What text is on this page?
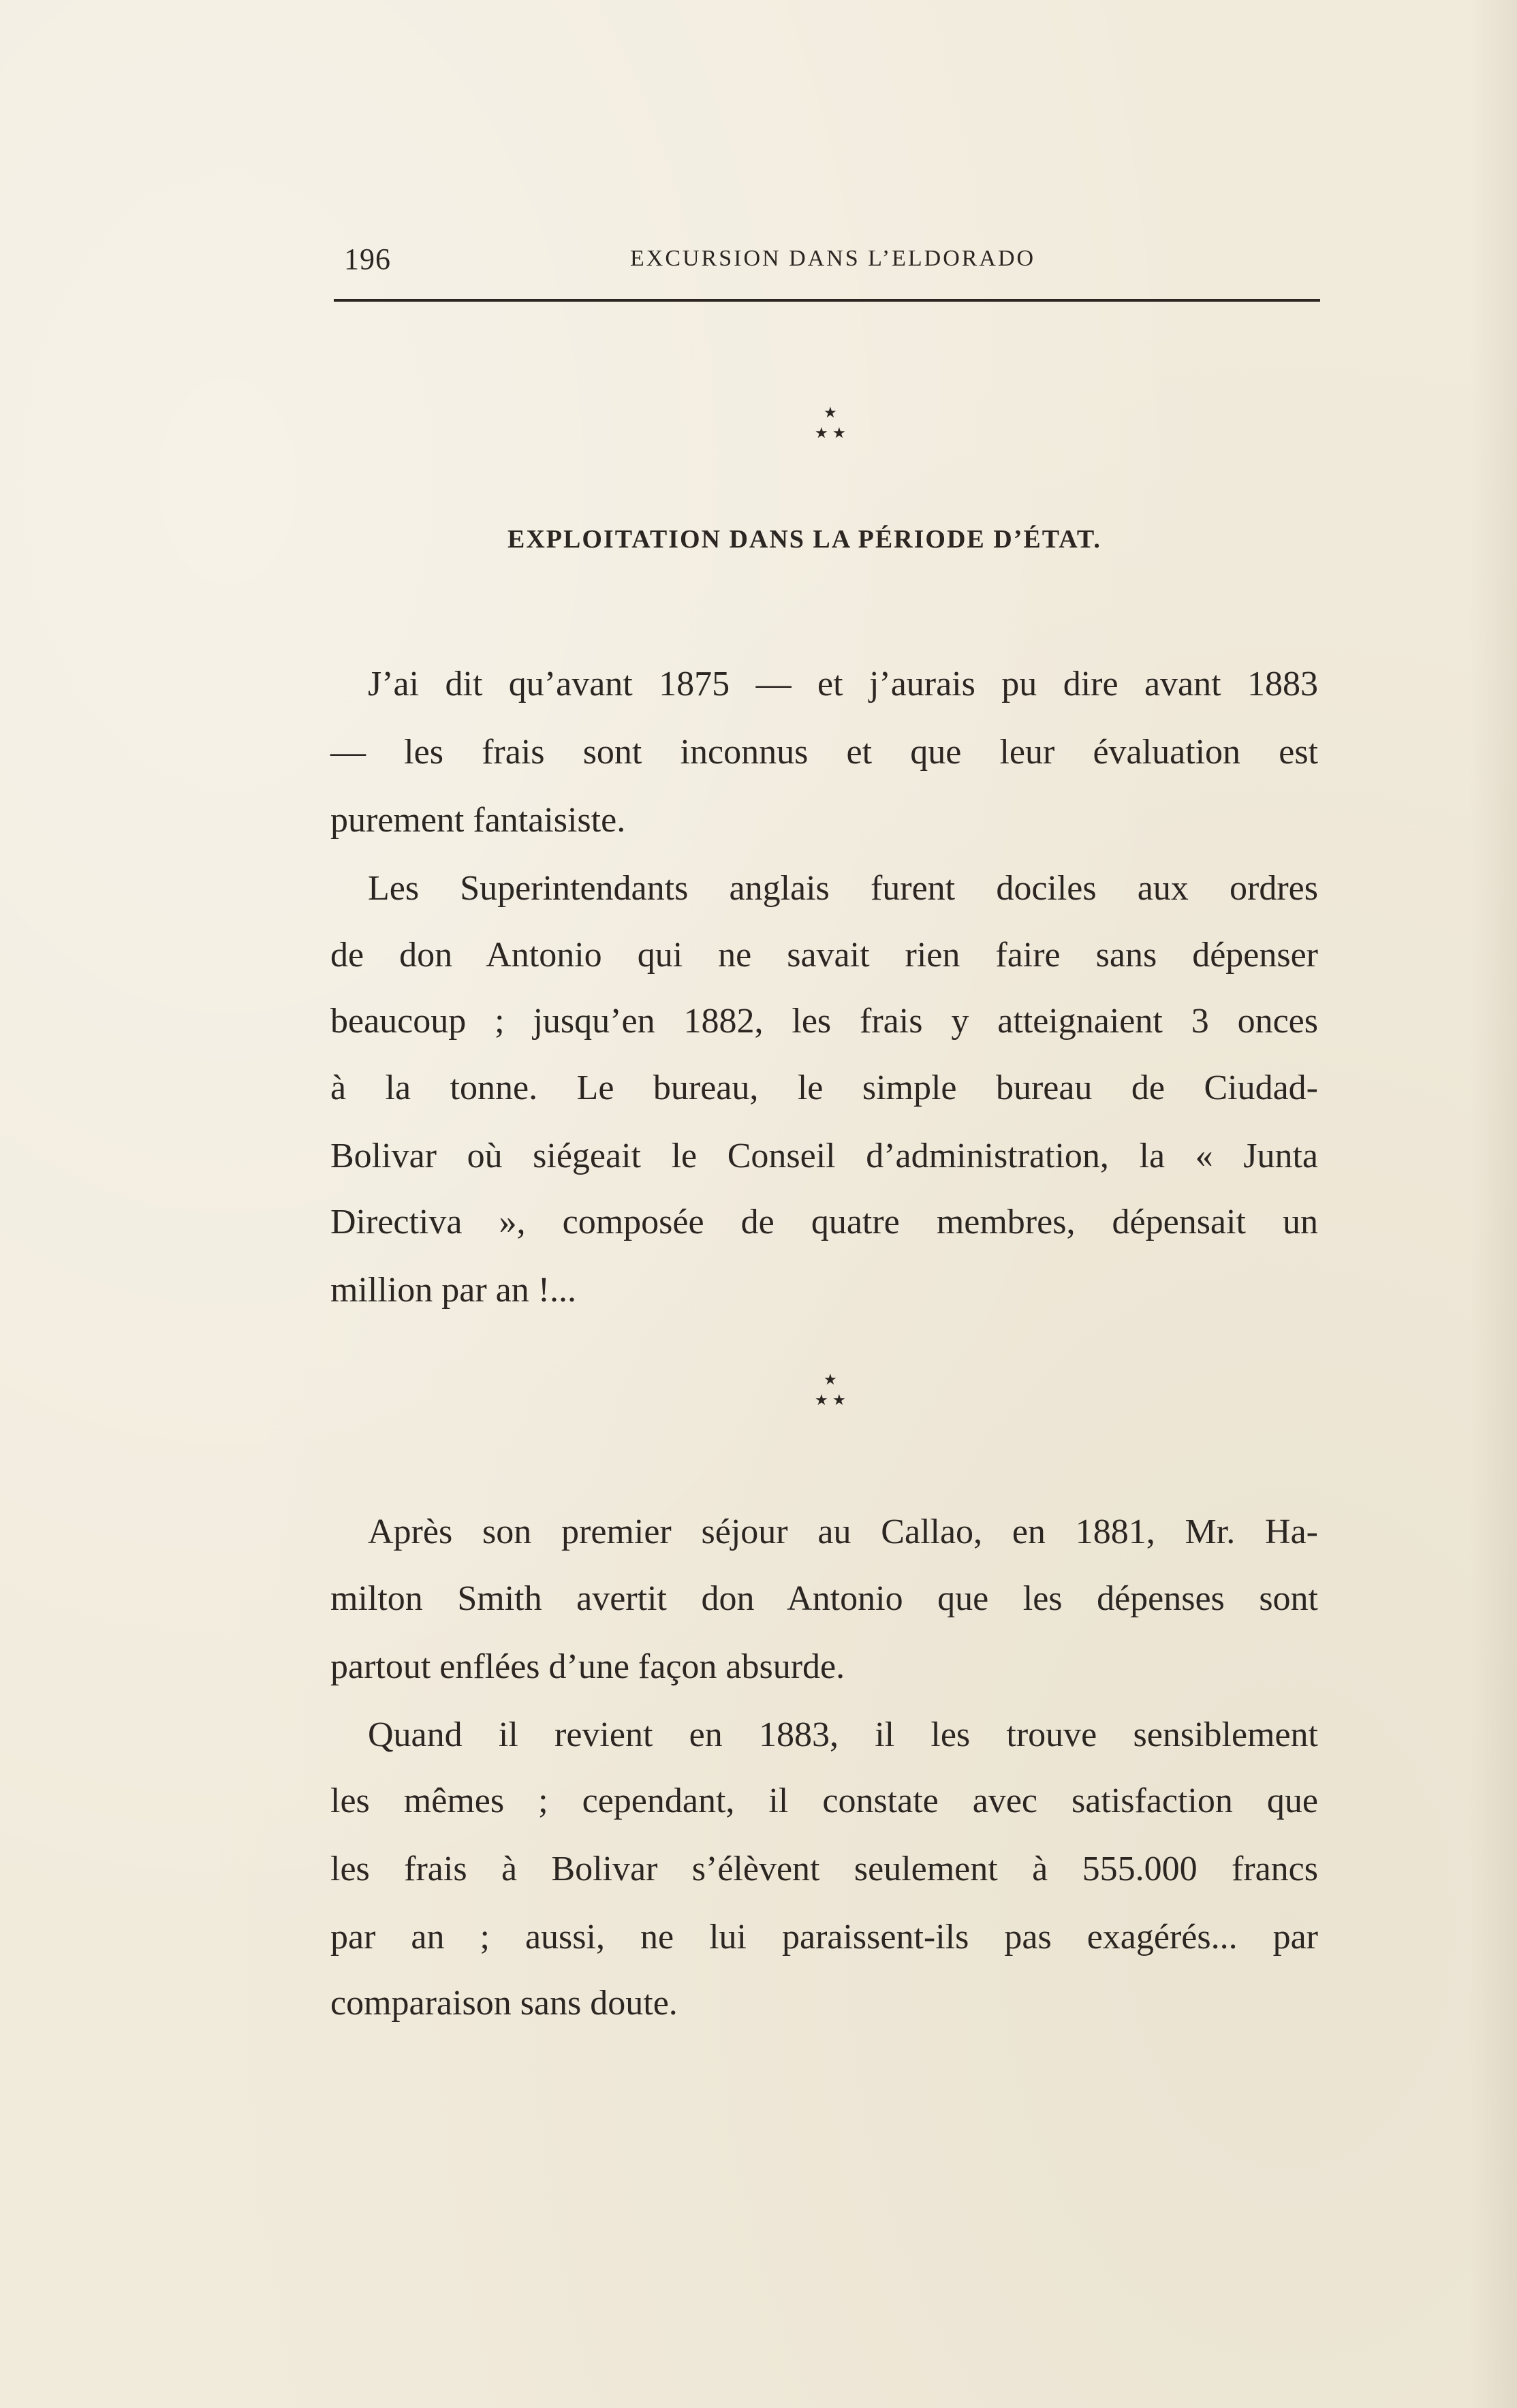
196	EXCURSION DANS L’ELDORADO
★
★ ★
EXPLOITATION DANS LA PÉRIODE D’ÉTAT.
J’ai dit qu’avant 1875 — et j’aurais pu dire avant 1883
— les frais sont inconnus et que leur évaluation est
purement fantaisiste.
Les Superintendants anglais furent dociles aux ordres
de don Antonio qui ne savait rien faire sans dépenser
beaucoup ; jusqu’en 1882, les frais y atteignaient 3 onces
à la tonne. Le bureau, le simple bureau de Ciudad-
Bolivar où siégeait le Conseil d’administration, la « Junta
Directiva », composée de quatre membres, dépensait un
million par an !...
★
★ ★
Après son premier séjour au Callao, en 1881, Mr. Ha-
milton Smith avertit don Antonio que les dépenses sont
partout enflées d’une façon absurde.
Quand il revient en 1883, il les trouve sensiblement
les mêmes ; cependant, il constate avec satisfaction que
les frais à Bolivar s’élèvent seulement à 555.000 francs
par an ; aussi, ne lui paraissent-ils pas exagérés... par
comparaison sans doute.
